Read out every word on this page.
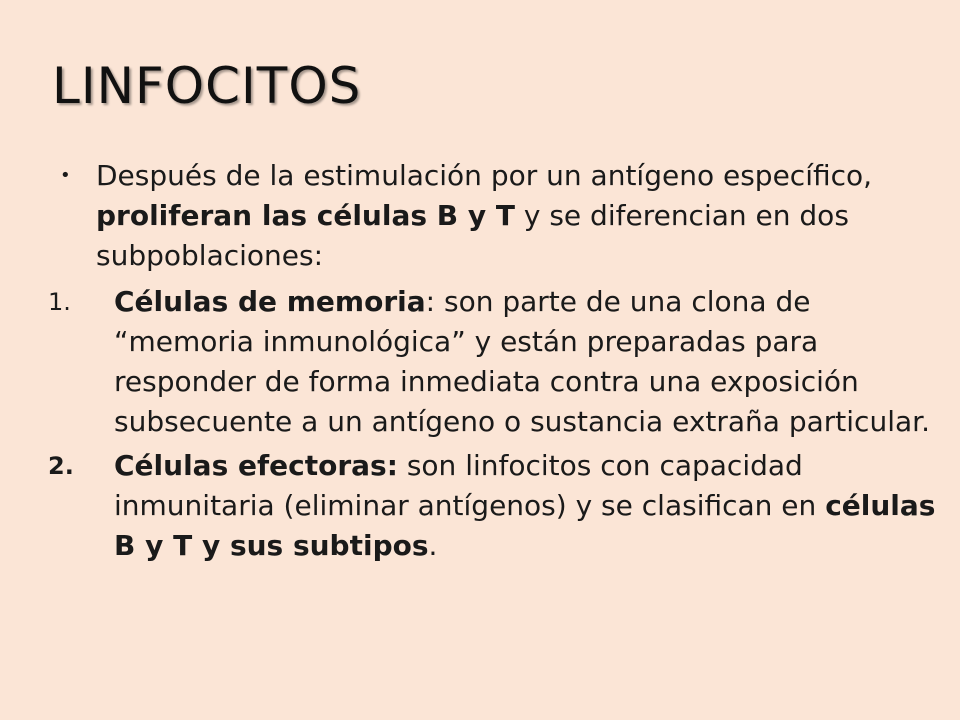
LINFOCITOS

• Después de la estimulación por un antígeno específico, proliferan las células B y T y se diferencian en dos subpoblaciones:

1. Células de memoria: son parte de una clona de “memoria inmunológica” y están preparadas para responder de forma inmediata contra una exposición subsecuente a un antígeno o sustancia extraña particular.

2. Células efectoras: son linfocitos con capacidad inmunitaria (eliminar antígenos) y se clasifican en células B y T y sus subtipos.
